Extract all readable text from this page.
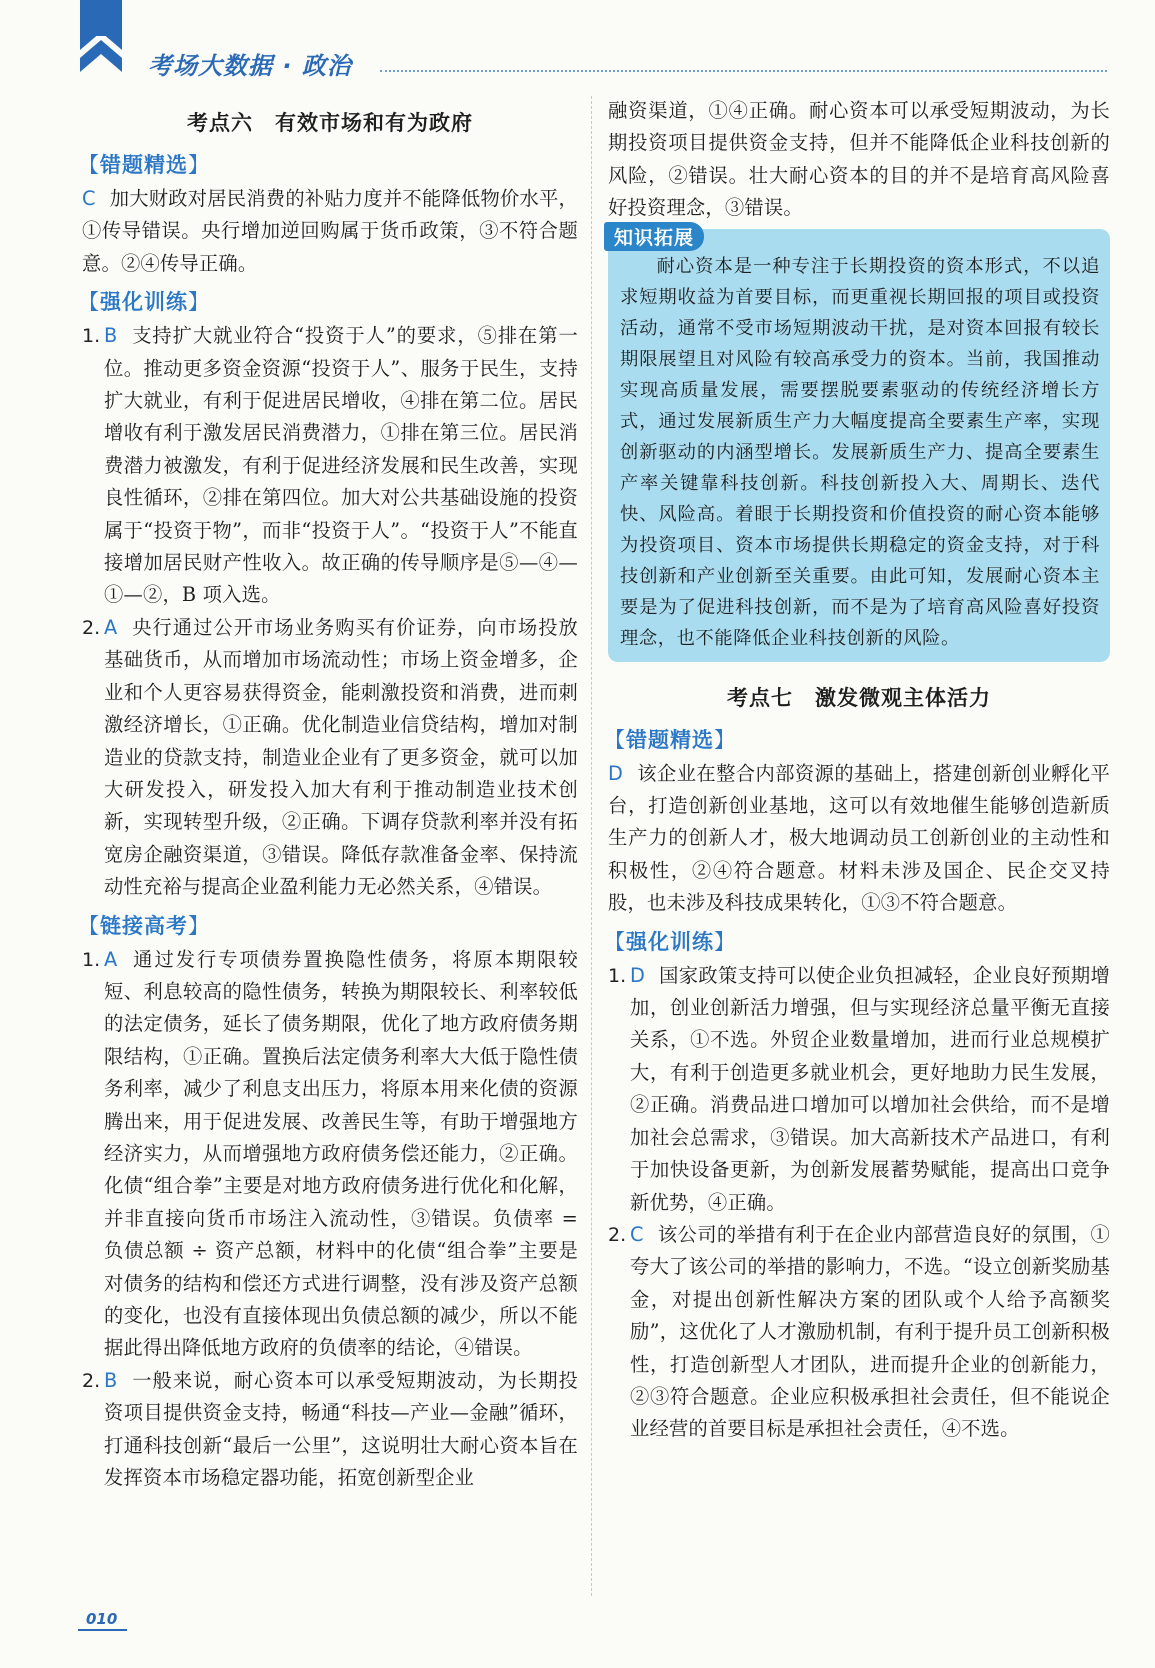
考场大数据 · 政治
考点六　有效市场和有为政府
【错题精选】

C 加大财政对居民消费的补贴力度并不能降低物价水平，①传导错误。央行增加逆回购属于货币政策，③不符合题意。②④传导正确。

【强化训练】
1. B 支持扩大就业符合“投资于人”的要求，⑤排在第一位。推动更多资金资源“投资于人”、服务于民生，支持扩大就业，有利于促进居民增收，④排在第二位。居民增收有利于激发居民消费潜力，①排在第三位。居民消费潜力被激发，有利于促进经济发展和民生改善，实现良性循环，②排在第四位。加大对公共基础设施的投资属于“投资于物”，而非“投资于人”。“投资于人”不能直接增加居民财产性收入。故正确的传导顺序是⑤—④—①—②，B 项入选。

2. A 央行通过公开市场业务购买有价证券，向市场投放基础货币，从而增加市场流动性；市场上资金增多，企业和个人更容易获得资金，能刺激投资和消费，进而刺激经济增长，①正确。优化制造业信贷结构，增加对制造业的贷款支持，制造业企业有了更多资金，就可以加大研发投入，研发投入加大有利于推动制造业技术创新，实现转型升级，②正确。下调存贷款利率并没有拓宽房企融资渠道，③错误。降低存款准备金率、保持流动性充裕与提高企业盈利能力无必然关系，④错误。

【链接高考】
1. A 通过发行专项债券置换隐性债务，将原本期限较短、利息较高的隐性债务，转换为期限较长、利率较低的法定债务，延长了债务期限，优化了地方政府债务期限结构，①正确。置换后法定债务利率大大低于隐性债务利率，减少了利息支出压力，将原本用来化债的资源腾出来，用于促进发展、改善民生等，有助于增强地方经济实力，从而增强地方政府债务偿还能力，②正确。化债“组合拳”主要是对地方政府债务进行优化和化解，并非直接向货币市场注入流动性，③错误。负债率 = 负债总额 ÷ 资产总额，材料中的化债“组合拳”主要是对债务的结构和偿还方式进行调整，没有涉及资产总额的变化，也没有直接体现出负债总额的减少，所以不能据此得出降低地方政府的负债率的结论，④错误。

2. B 一般来说，耐心资本可以承受短期波动，为长期投资项目提供资金支持，畅通“科技—产业—金融”循环，打通科技创新“最后一公里”，这说明壮大耐心资本旨在发挥资本市场稳定器功能，拓宽创新型企业

融资渠道，①④正确。耐心资本可以承受短期波动，为长期投资项目提供资金支持，但并不能降低企业科技创新的风险，②错误。壮大耐心资本的目的并不是培育高风险喜好投资理念，③错误。

知识拓展

耐心资本是一种专注于长期投资的资本形式，不以追求短期收益为首要目标，而更重视长期回报的项目或投资活动，通常不受市场短期波动干扰，是对资本回报有较长期限展望且对风险有较高承受力的资本。当前，我国推动实现高质量发展，需要摆脱要素驱动的传统经济增长方式，通过发展新质生产力大幅度提高全要素生产率，实现创新驱动的内涵型增长。发展新质生产力、提高全要素生产率关键靠科技创新。科技创新投入大、周期长、迭代快、风险高。着眼于长期投资和价值投资的耐心资本能够为投资项目、资本市场提供长期稳定的资金支持，对于科技创新和产业创新至关重要。由此可知，发展耐心资本主要是为了促进科技创新，而不是为了培育高风险喜好投资理念，也不能降低企业科技创新的风险。

考点七　激发微观主体活力
【错题精选】

D 该企业在整合内部资源的基础上，搭建创新创业孵化平台，打造创新创业基地，这可以有效地催生能够创造新质生产力的创新人才，极大地调动员工创新创业的主动性和积极性，②④符合题意。材料未涉及国企、民企交叉持股，也未涉及科技成果转化，①③不符合题意。

【强化训练】
1. D 国家政策支持可以使企业负担减轻，企业良好预期增加，创业创新活力增强，但与实现经济总量平衡无直接关系，①不选。外贸企业数量增加，进而行业总规模扩大，有利于创造更多就业机会，更好地助力民生发展，②正确。消费品进口增加可以增加社会供给，而不是增加社会总需求，③错误。加大高新技术产品进口，有利于加快设备更新，为创新发展蓄势赋能，提高出口竞争新优势，④正确。

2. C 该公司的举措有利于在企业内部营造良好的氛围，①夸大了该公司的举措的影响力，不选。“设立创新奖励基金，对提出创新性解决方案的团队或个人给予高额奖励”，这优化了人才激励机制，有利于提升员工创新积极性，打造创新型人才团队，进而提升企业的创新能力，②③符合题意。企业应积极承担社会责任，但不能说企业经营的首要目标是承担社会责任，④不选。

010
